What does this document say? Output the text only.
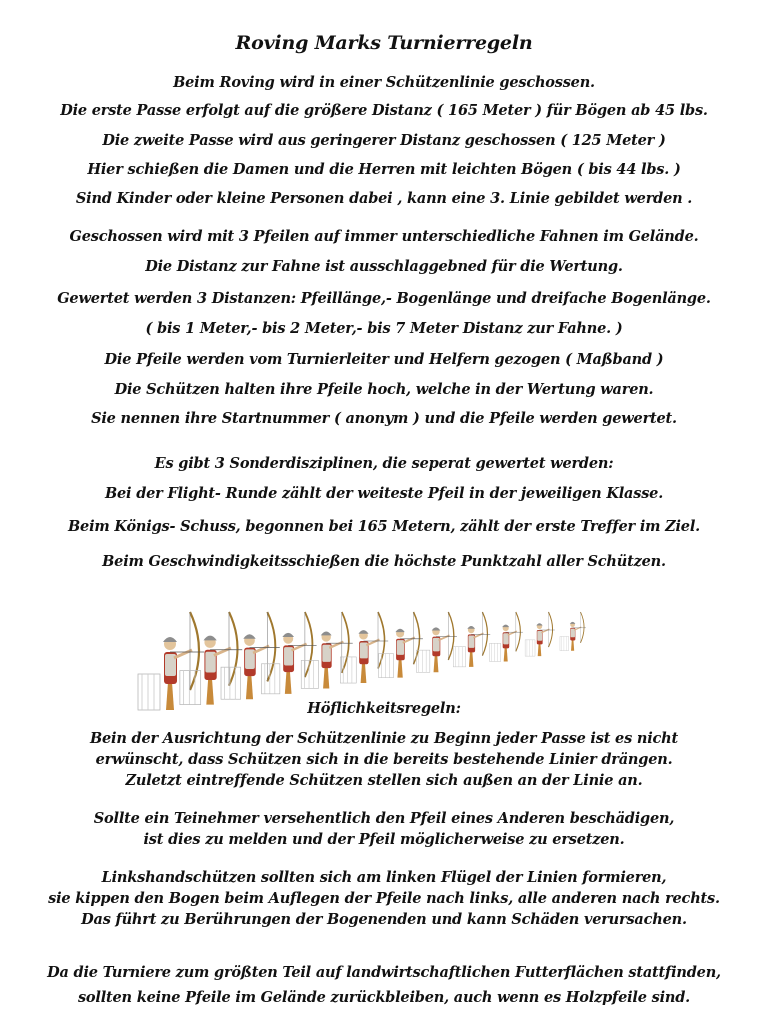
Roving Marks Turnierregeln
Beim Roving wird in einer Schützenlinie geschossen.
Die erste Passe erfolgt auf die größere Distanz ( 165 Meter ) für Bögen ab 45 lbs.
Die zweite Passe wird aus geringerer Distanz geschossen ( 125 Meter )
Hier schießen die Damen und die Herren mit leichten Bögen ( bis 44 lbs. )
Sind Kinder oder kleine Personen dabei , kann eine 3. Linie gebildet werden .
Geschossen wird mit 3 Pfeilen auf immer unterschiedliche Fahnen im Gelände.
Die Distanz zur Fahne ist ausschlaggebned für die Wertung.
Gewertet werden 3 Distanzen: Pfeillänge,- Bogenlänge und dreifache Bogenlänge.
( bis 1 Meter,- bis 2 Meter,- bis 7 Meter Distanz zur Fahne. )
Die Pfeile werden vom Turnierleiter und Helfern gezogen ( Maßband )
Die Schützen halten ihre Pfeile hoch, welche in der Wertung waren.
Sie nennen ihre Startnummer ( anonym ) und die Pfeile werden gewertet.
Es gibt 3 Sonderdisziplinen, die seperat gewertet werden:
Bei der Flight- Runde zählt der weiteste Pfeil in der jeweiligen Klasse.
Beim Königs- Schuss, begonnen bei 165 Metern, zählt der erste Treffer im Ziel.
Beim Geschwindigkeitsschießen die höchste Punktzahl aller Schützen.
Höflichkeitsregeln:
Bein der Ausrichtung der Schützenlinie zu Beginn jeder Passe ist es nicht
erwünscht, dass Schützen sich in die bereits bestehende Linier drängen.
Zuletzt eintreffende Schützen stellen sich außen an der Linie an.
Sollte ein Teinehmer versehentlich den Pfeil eines Anderen beschädigen,
ist dies zu melden und der Pfeil möglicherweise zu ersetzen.
Linkshandschützen sollten sich am linken Flügel der Linien formieren,
sie kippen den Bogen beim Auflegen der Pfeile nach links, alle anderen nach rechts.
Das führt zu Berührungen der Bogenenden und kann Schäden verursachen.
Da die Turniere zum größten Teil auf landwirtschaftlichen Futterflächen stattfinden,
sollten keine Pfeile im Gelände zurückbleiben, auch wenn es Holzpfeile sind.
